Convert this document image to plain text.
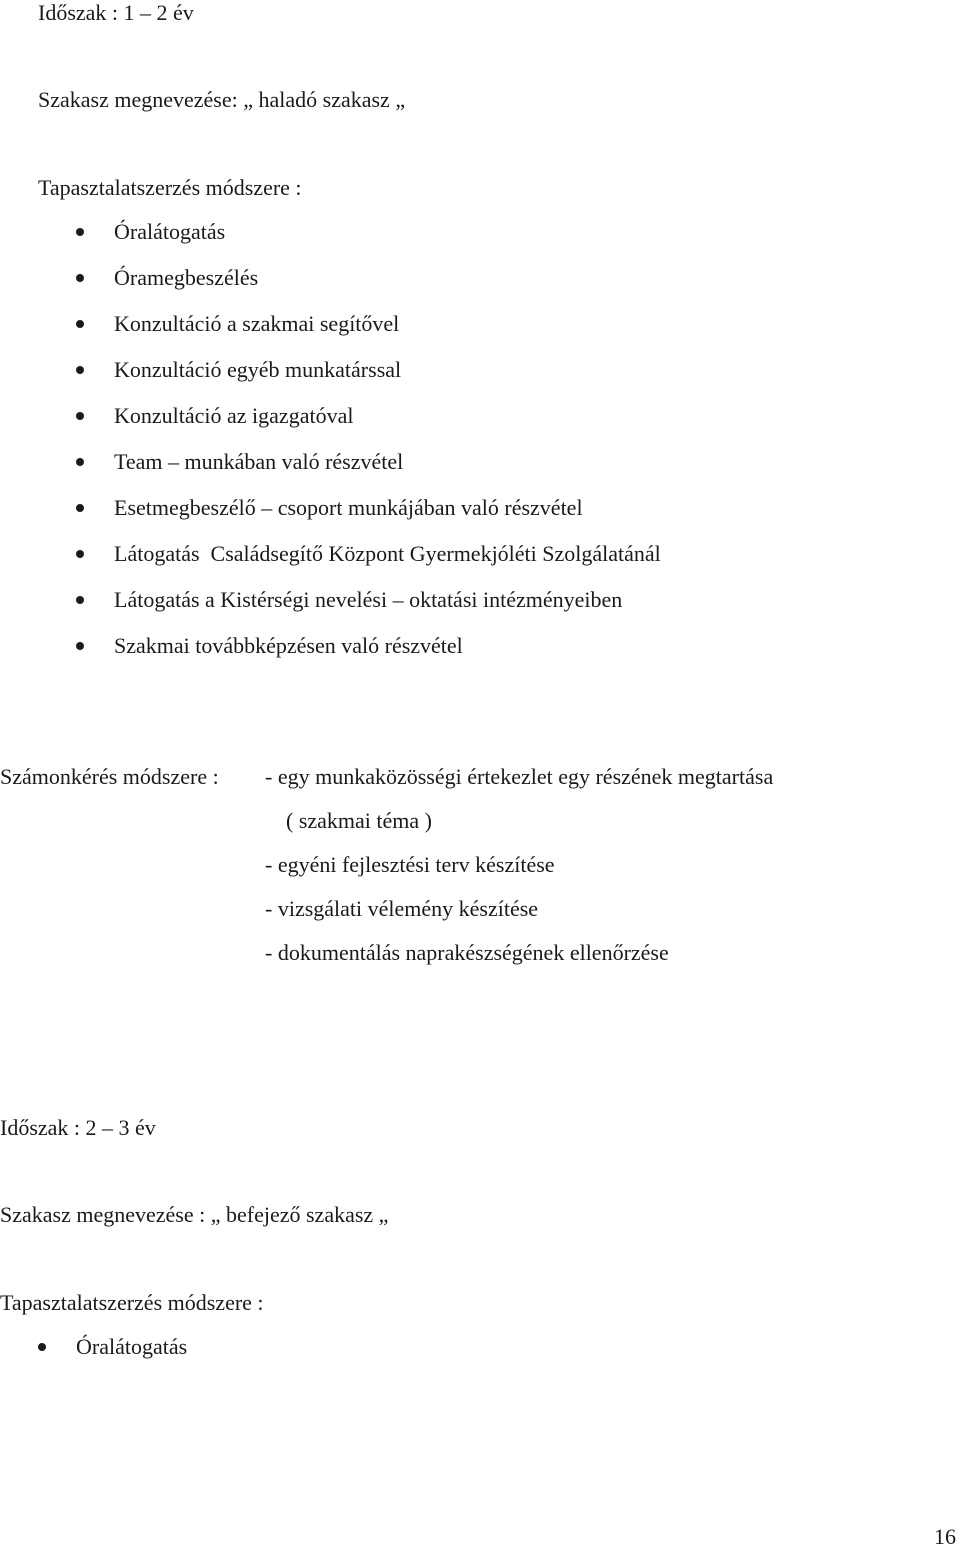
Időszak : 1 – 2 év
Szakasz megnevezése: „ haladó szakasz „
Tapasztalatszerzés módszere :
Óralátogatás
Óramegbeszélés
Konzultáció a szakmai segítővel
Konzultáció egyéb munkatárssal
Konzultáció az igazgatóval
Team – munkában való részvétel
Esetmegbeszélő – csoport munkájában való részvétel
Látogatás  Családsegítő Központ Gyermekjóléti Szolgálatánál
Látogatás a Kistérségi nevelési – oktatási intézményeiben
Szakmai továbbképzésen való részvétel
Számonkérés módszere : - egy munkaközösségi értekezlet egy részének megtartása
( szakmai téma )
- egyéni fejlesztési terv készítése
- vizsgálati vélemény készítése
- dokumentálás naprakészségének ellenőrzése
Időszak : 2 – 3 év
Szakasz megnevezése : „ befejező szakasz „
Tapasztalatszerzés módszere :
Óralátogatás
16
